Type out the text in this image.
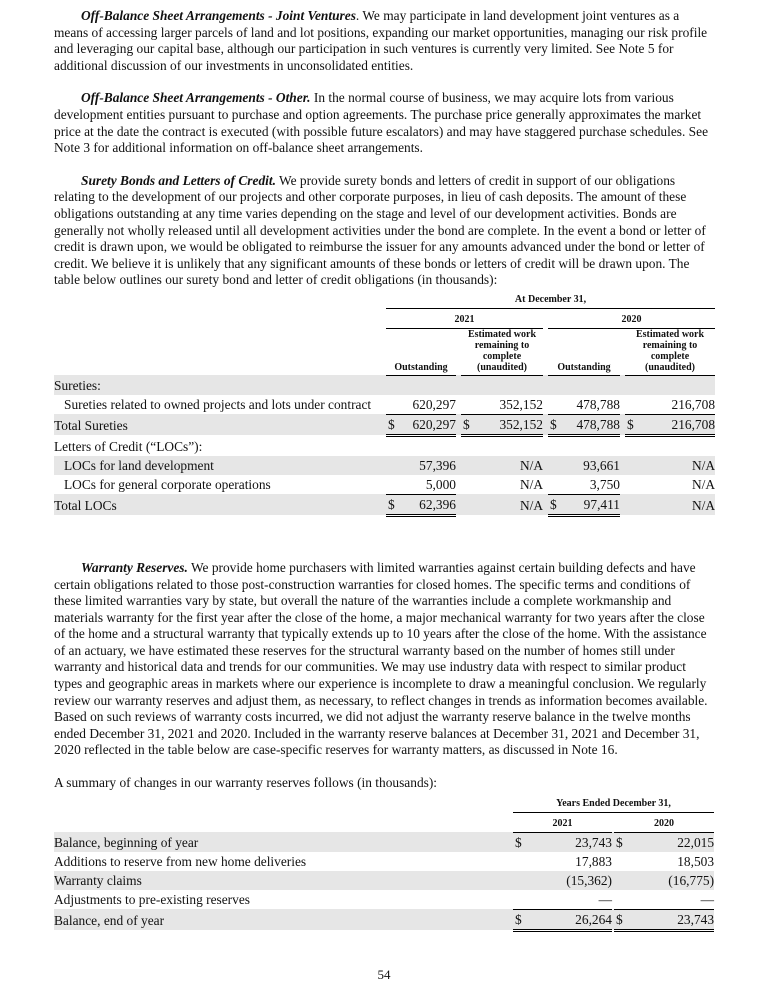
Off-Balance Sheet Arrangements - Joint Ventures. We may participate in land development joint ventures as a means of accessing larger parcels of land and lot positions, expanding our market opportunities, managing our risk profile and leveraging our capital base, although our participation in such ventures is currently very limited. See Note 5 for additional discussion of our investments in unconsolidated entities.

Off-Balance Sheet Arrangements - Other. In the normal course of business, we may acquire lots from various development entities pursuant to purchase and option agreements. The purchase price generally approximates the market price at the date the contract is executed (with possible future escalators) and may have staggered purchase schedules. See Note 3 for additional information on off-balance sheet arrangements.

Surety Bonds and Letters of Credit. We provide surety bonds and letters of credit in support of our obligations relating to the development of our projects and other corporate purposes, in lieu of cash deposits. The amount of these obligations outstanding at any time varies depending on the stage and level of our development activities. Bonds are generally not wholly released until all development activities under the bond are complete. In the event a bond or letter of credit is drawn upon, we would be obligated to reimburse the issuer for any amounts advanced under the bond or letter of credit. We believe it is unlikely that any significant amounts of these bonds or letters of credit will be drawn upon. The table below outlines our surety bond and letter of credit obligations (in thousands):

	At December 31,										
	2021						2020				
	Outstanding			Estimated work
remaining to
complete
(unaudited)			Outstanding			Estimated work
remaining to
complete
(unaudited)	
Sureties:											
Sureties related to owned projects and lots under contract		620,297			352,152			478,788			216,708
Total Sureties	$	620,297		$	352,152		$	478,788		$	216,708
Letters of Credit (“LOCs”):											
LOCs for land development		57,396			N/A			93,661			N/A
LOCs for general corporate operations		5,000			N/A			3,750			N/A
Total LOCs	$	62,396			N/A		$	97,411			N/A

Warranty Reserves. We provide home purchasers with limited warranties against certain building defects and have certain obligations related to those post-construction warranties for closed homes. The specific terms and conditions of these limited warranties vary by state, but overall the nature of the warranties include a complete workmanship and materials warranty for the first year after the close of the home, a major mechanical warranty for two years after the close of the home and a structural warranty that typically extends up to 10 years after the close of the home. With the assistance of an actuary, we have estimated these reserves for the structural warranty based on the number of homes still under warranty and historical data and trends for our communities. We may use industry data with respect to similar product types and geographic areas in markets where our experience is incomplete to draw a meaningful conclusion. We regularly review our warranty reserves and adjust them, as necessary, to reflect changes in trends as information becomes available. Based on such reviews of warranty costs incurred, we did not adjust the warranty reserve balance in the twelve months ended December 31, 2021 and 2020. Included in the warranty reserve balances at December 31, 2021 and December 31, 2020 reflected in the table below are case-specific reserves for warranty matters, as discussed in Note 16.

A summary of changes in our warranty reserves follows (in thousands):

	Years Ended December 31,				
	2021			2020	
Balance, beginning of year	$	23,743		$	22,015
Additions to reserve from new home deliveries		17,883			18,503
Warranty claims		(15,362)			(16,775)
Adjustments to pre-existing reserves		—			—
Balance, end of year	$	26,264		$	23,743
54
